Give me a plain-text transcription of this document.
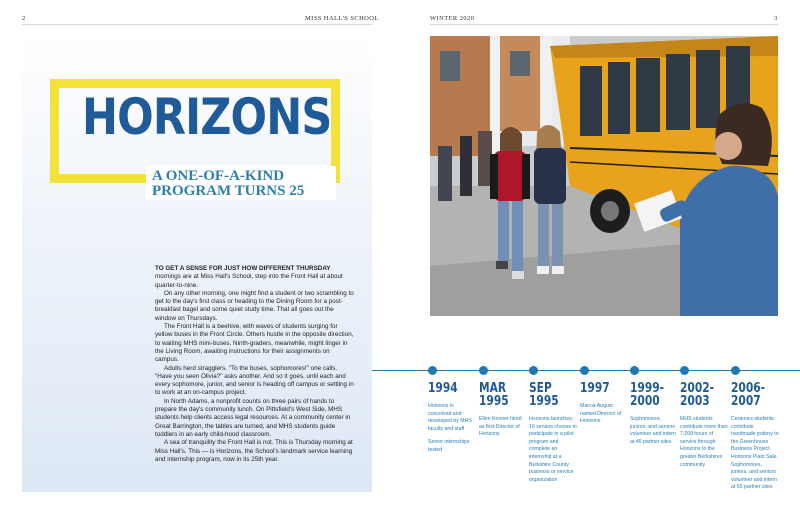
2	MISS HALL'S SCHOOL	WINTER 2020	3
HORIZONS
A ONE-OF-A-KIND
PROGRAM TURNS 25

TO GET A SENSE FOR JUST HOW DIFFERENT THURSDAY mornings are at Miss Hall's School, step into the Front Hall at about quarter-to-nine.

On any other morning, one might find a student or two scrambling to get to the day's first class or heading to the Dining Room for a post-breakfast bagel and some quiet study time. That all goes out the window on Thursdays.

The Front Hall is a beehive, with waves of students surging for yellow buses in the Front Circle. Others hustle in the opposite direction, to waiting MHS mini-buses. Ninth-graders, meanwhile, might linger in the Living Room, awaiting instructions for their assignments on campus.

Adults herd stragglers. "To the buses, sophomores!" one calls. "Have you seen Olivia?" asks another. And so it goes, until each and every sophomore, junior, and senior is heading off campus or settling in to work at an on-campus project.

In North Adams, a nonprofit counts on three pairs of hands to prepare the day's community lunch. On Pittsfield's West Side, MHS students help clients access legal resources. At a community center in Great Barrington, the tables are turned, and MHS students guide toddlers in an early child-hood classroom.

A sea of tranquility the Front Hall is not. This is Thursday morning at Miss Hall's. This — is Horizons, the School's landmark service learning and internship program, now in its 25th year.

1994
Horizons is conceived and developed by MHS faculty and staff
Senior internships tested
MAR
1995
Ellen Kenner hired as first Director of Horizons
SEP
1995
Horizons launches; 16 seniors choose to participate in a pilot program and complete an internship at a Berkshire County business or service organization
1997
Marcia August named Director of Horizons
1999-
2000
Sophomores, juniors, and seniors volunteer and intern at 46 partner sites
2002-
2003
MHS students contribute more than 7,200 hours of service through Horizons to the greater Berkshires community
2006-
2007
Ceramics students contribute handmade pottery to the Greenhouse Business Project Horizons Plant Sale. Sophomores, juniors, and seniors volunteer and intern at 65 partner sites
